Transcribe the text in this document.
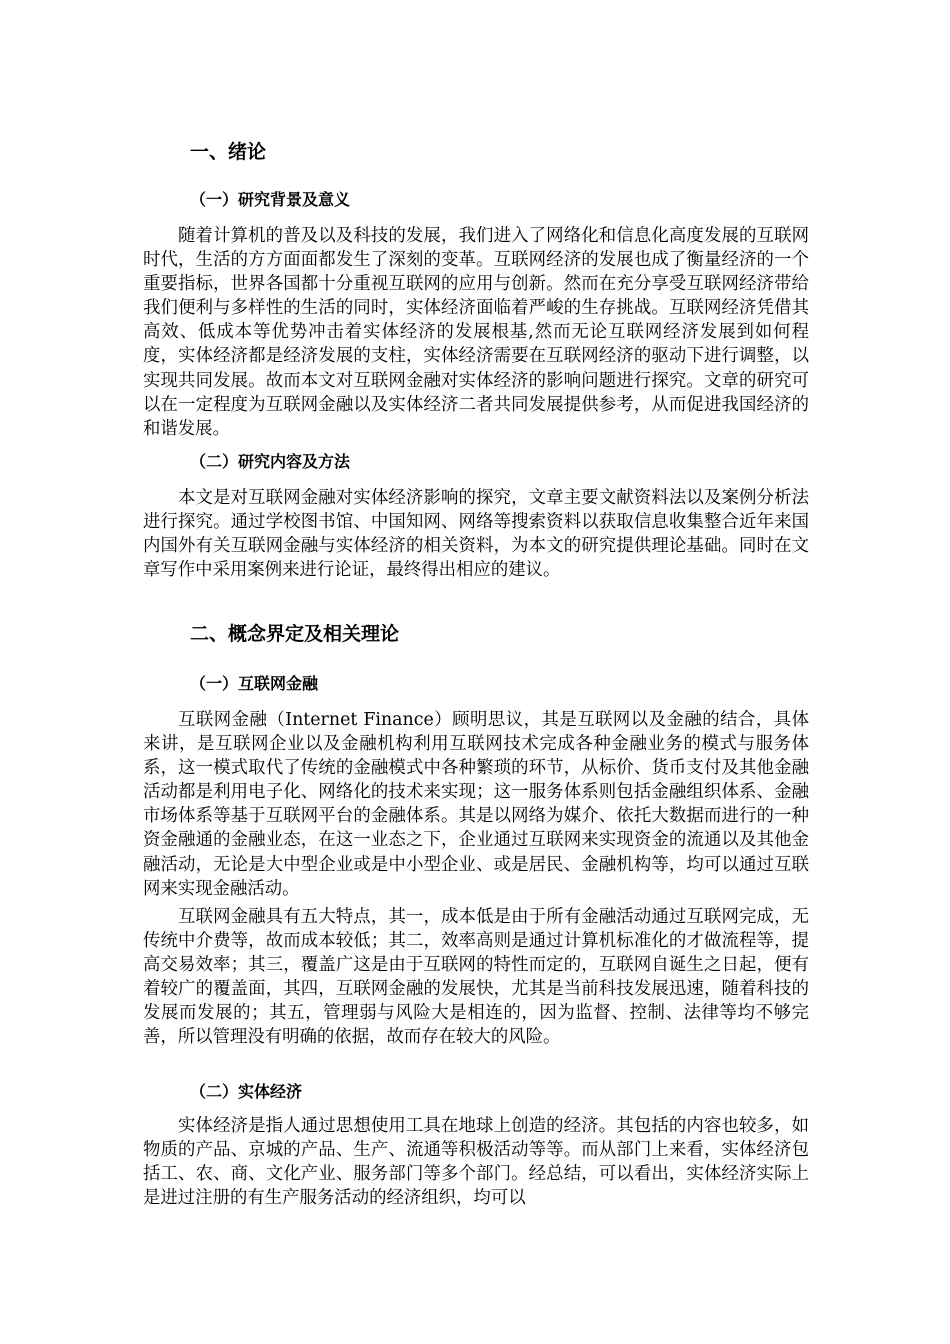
一、绪论
（一）研究背景及意义

随着计算机的普及以及科技的发展，我们进入了网络化和信息化高度发展的互联网时代，生活的方方面面都发生了深刻的变革。互联网经济的发展也成了衡量经济的一个重要指标，世界各国都十分重视互联网的应用与创新。然而在充分享受互联网经济带给我们便利与多样性的生活的同时，实体经济面临着严峻的生存挑战。互联网经济凭借其高效、低成本等优势冲击着实体经济的发展根基,然而无论互联网经济发展到如何程度，实体经济都是经济发展的支柱，实体经济需要在互联网经济的驱动下进行调整，以实现共同发展。故而本文对互联网金融对实体经济的影响问题进行探究。文章的研究可以在一定程度为互联网金融以及实体经济二者共同发展提供参考，从而促进我国经济的和谐发展。

（二）研究内容及方法

本文是对互联网金融对实体经济影响的探究，文章主要文献资料法以及案例分析法进行探究。通过学校图书馆、中国知网、网络等搜索资料以获取信息收集整合近年来国内国外有关互联网金融与实体经济的相关资料，为本文的研究提供理论基础。同时在文章写作中采用案例来进行论证，最终得出相应的建议。

二、概念界定及相关理论
（一）互联网金融

互联网金融（Internet Finance）顾明思议，其是互联网以及金融的结合，具体来讲，是互联网企业以及金融机构利用互联网技术完成各种金融业务的模式与服务体系，这一模式取代了传统的金融模式中各种繁琐的环节，从标价、货币支付及其他金融活动都是利用电子化、网络化的技术来实现；这一服务体系则包括金融组织体系、金融市场体系等基于互联网平台的金融体系。其是以网络为媒介、依托大数据而进行的一种资金融通的金融业态，在这一业态之下，企业通过互联网来实现资金的流通以及其他金融活动，无论是大中型企业或是中小型企业、或是居民、金融机构等，均可以通过互联网来实现金融活动。

互联网金融具有五大特点，其一，成本低是由于所有金融活动通过互联网完成，无传统中介费等，故而成本较低；其二，效率高则是通过计算机标准化的才做流程等，提高交易效率；其三，覆盖广这是由于互联网的特性而定的，互联网自诞生之日起，便有着较广的覆盖面，其四，互联网金融的发展快，尤其是当前科技发展迅速，随着科技的发展而发展的；其五，管理弱与风险大是相连的，因为监督、控制、法律等均不够完善，所以管理没有明确的依据，故而存在较大的风险。

（二）实体经济

实体经济是指人通过思想使用工具在地球上创造的经济。其包括的内容也较多，如物质的产品、京城的产品、生产、流通等积极活动等等。而从部门上来看，实体经济包括工、农、商、文化产业、服务部门等多个部门。经总结，可以看出，实体经济实际上是进过注册的有生产服务活动的经济组织，均可以
